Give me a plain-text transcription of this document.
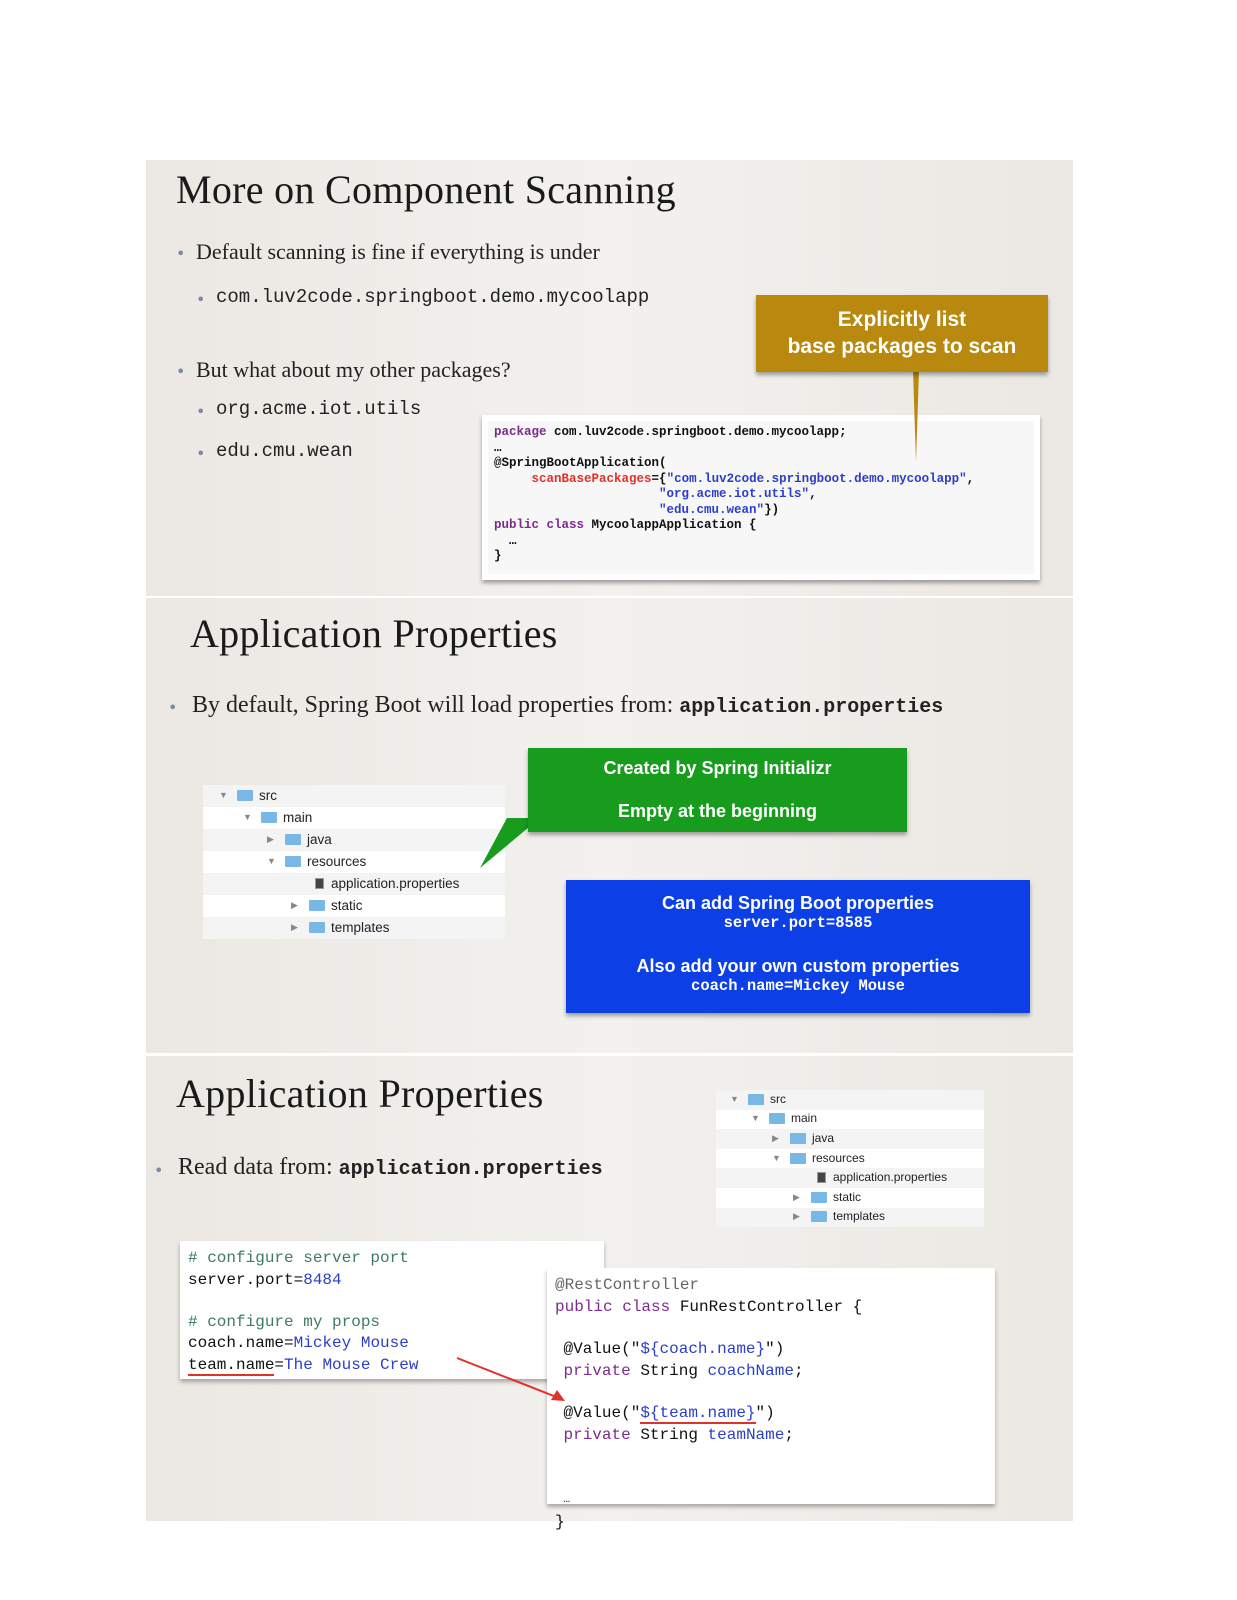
More on Component Scanning
• Default scanning is fine if everything is under
• com.luv2code.springboot.demo.mycoolapp
• But what about my other packages?
• org.acme.iot.utils
• edu.cmu.wean
package com.luv2code.springboot.demo.mycoolapp;
…
@SpringBootApplication(
scanBasePackages={"com.luv2code.springboot.demo.mycoolapp",
"org.acme.iot.utils",
"edu.cmu.wean"})
public class MycoolappApplication {
…
}
Explicitly list
base packages to scan
Application Properties
• By default, Spring Boot will load properties from: application.properties
▼ src
▼ main
▶ java
▼ resources
application.properties
▶ static
▶ templates
Created by Spring Initializr
Empty at the beginning
Can add Spring Boot properties
server.port=8585
Also add your own custom properties
coach.name=Mickey Mouse
Application Properties
• Read data from: application.properties
▼	src
▼	main
▶	java
▼	resources
application.properties
▶	static
▶	templates
# configure server port
server.port=8484

# configure my props
coach.name=Mickey Mouse
team.name=The Mouse Crew
@RestController
public class FunRestController {

@Value("${coach.name}")
private String coachName;

@Value("${team.name}")
private String teamName;

…
}
